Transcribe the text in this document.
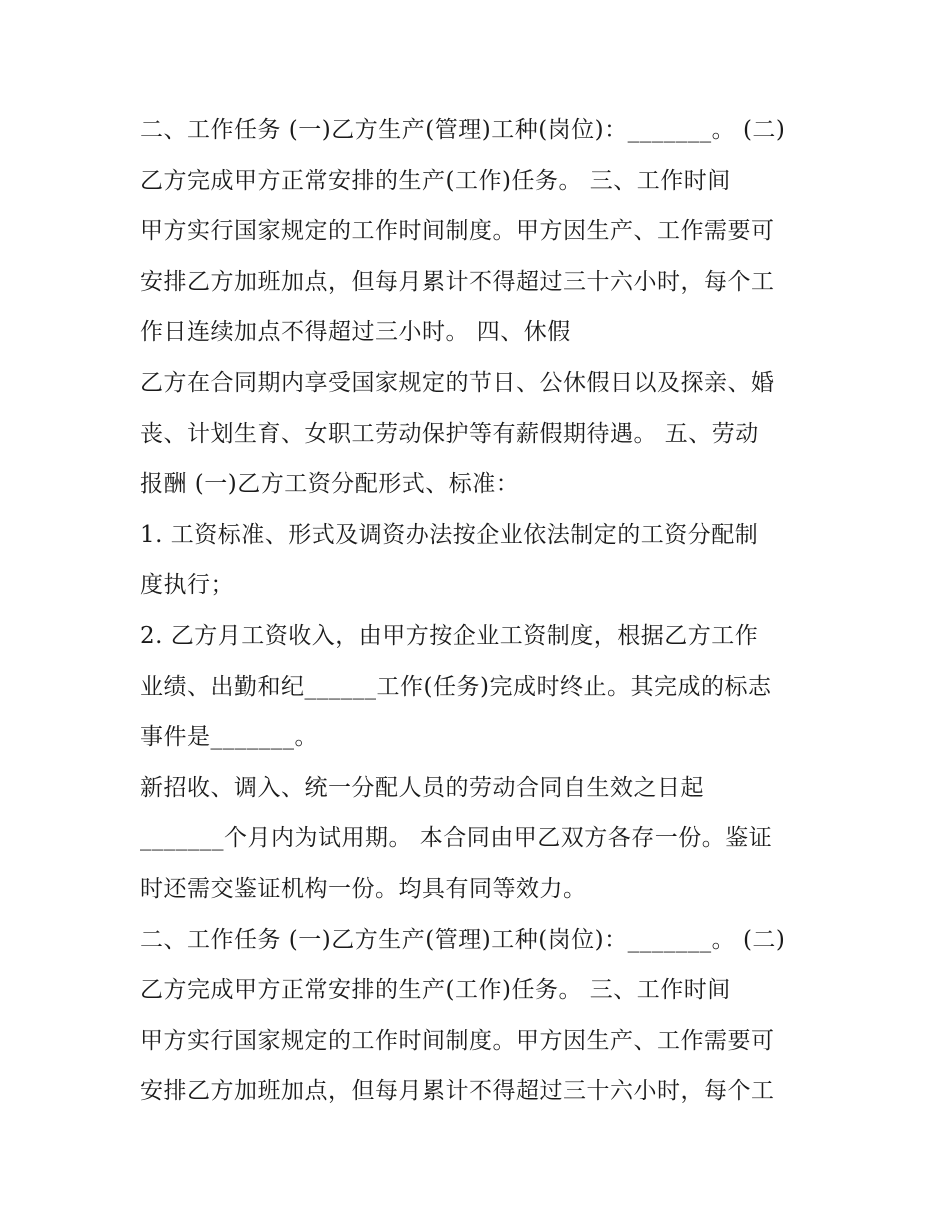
二、工作任务 (一)乙方生产(管理)工种(岗位)：_______。 (二)
乙方完成甲方正常安排的生产(工作)任务。 三、工作时间
甲方实行国家规定的工作时间制度。甲方因生产、工作需要可
安排乙方加班加点，但每月累计不得超过三十六小时，每个工
作日连续加点不得超过三小时。 四、休假
乙方在合同期内享受国家规定的节日、公休假日以及探亲、婚
丧、计划生育、女职工劳动保护等有薪假期待遇。 五、劳动
报酬 (一)乙方工资分配形式、标准：
1. 工资标准、形式及调资办法按企业依法制定的工资分配制
度执行；
2. 乙方月工资收入，由甲方按企业工资制度，根据乙方工作
业绩、出勤和纪______工作(任务)完成时终止。其完成的标志
事件是_______。
新招收、调入、统一分配人员的劳动合同自生效之日起
_______个月内为试用期。 本合同由甲乙双方各存一份。鉴证
时还需交鉴证机构一份。均具有同等效力。
二、工作任务 (一)乙方生产(管理)工种(岗位)：_______。 (二)
乙方完成甲方正常安排的生产(工作)任务。 三、工作时间
甲方实行国家规定的工作时间制度。甲方因生产、工作需要可
安排乙方加班加点，但每月累计不得超过三十六小时，每个工
